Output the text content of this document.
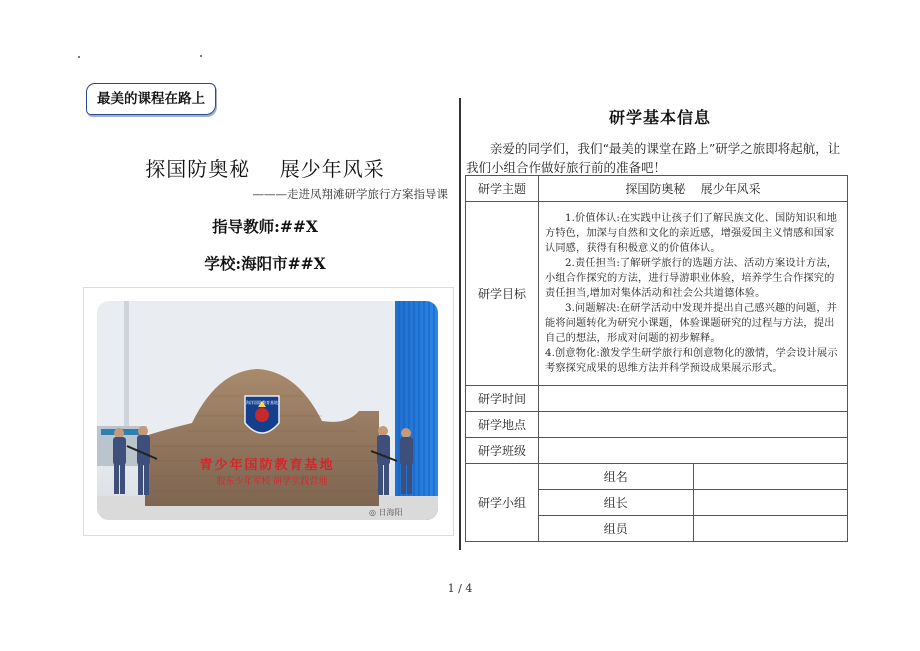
最美的课程在路上
探国防奥秘    展少年风采
———走进凤翔滩研学旅行方案指导课
指导教师:##X
学校:海阳市##X
海洋国防教育基地
青少年国防教育基地
胶东少年军校 研学实践营地
◎ 日海阳
研学基本信息
亲爱的同学们，我们“最美的课堂在路上”研学之旅即将起航，让我们小组合作做好旅行前的准备吧！
研学主题	探国防奥秘    展少年风采	
研学目标	1.价值体认:在实践中让孩子们了解民族文化、国防知识和地方特色，加深与自然和文化的亲近感，增强爱国主义情感和国家认同感，获得有积极意义的价值体认。

2.责任担当:了解研学旅行的选题方法、活动方案设计方法，小组合作探究的方法，进行导游职业体验，培养学生合作探究的责任担当,增加对集体活动和社会公共道德体验。

3.问题解决:在研学活动中发现并提出自己感兴趣的问题，并能将问题转化为研究小课题，体验课题研究的过程与方法，提出自己的想法，形成对问题的初步解释。

4.创意物化:激发学生研学旅行和创意物化的激情，学会设计展示考察探究成果的思维方法并科学预设成果展示形式。	

研学时间		
研学地点		
研学班级		
研学小组	组名	
	组长	
	组员	
1 / 4
